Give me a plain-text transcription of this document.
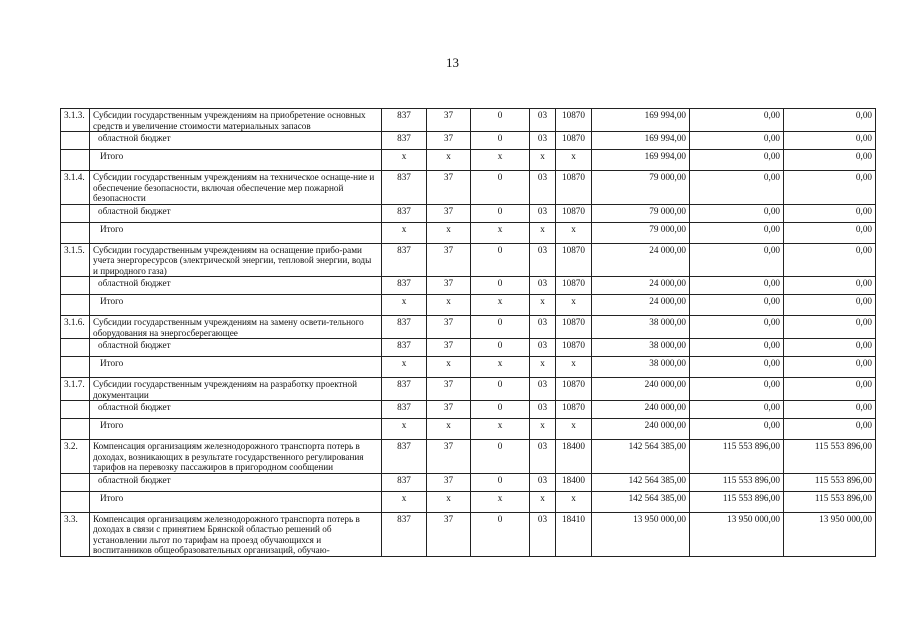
13
3.1.3.	Субсидии государственным учреждениям на приобретение основных средств и увеличение стоимости материальных запасов	837	37	0	03	10870	169 994,00	0,00	0,00
	областной бюджет	837	37	0	03	10870	169 994,00	0,00	0,00
	Итого	х	х	х	х	х	169 994,00	0,00	0,00
3.1.4.	Субсидии государственным учреждениям на техническое оснаще-ние и обеспечение безопасности, включая обеспечение мер пожарной безопасности	837	37	0	03	10870	79 000,00	0,00	0,00
	областной бюджет	837	37	0	03	10870	79 000,00	0,00	0,00
	Итого	х	х	х	х	х	79 000,00	0,00	0,00
3.1.5.	Субсидии государственным учреждениям на оснащение прибо-рами учета энергоресурсов (электрической энергии, тепловой энергии, воды и природного газа)	837	37	0	03	10870	24 000,00	0,00	0,00
	областной бюджет	837	37	0	03	10870	24 000,00	0,00	0,00
	Итого	х	х	х	х	х	24 000,00	0,00	0,00
3.1.6.	Субсидии государственным учреждениям на замену освети-тельного оборудования на энергосберегающее	837	37	0	03	10870	38 000,00	0,00	0,00
	областной бюджет	837	37	0	03	10870	38 000,00	0,00	0,00
	Итого	х	х	х	х	х	38 000,00	0,00	0,00
3.1.7.	Субсидии государственным учреждениям на разработку проектной документации	837	37	0	03	10870	240 000,00	0,00	0,00
	областной бюджет	837	37	0	03	10870	240 000,00	0,00	0,00
	Итого	х	х	х	х	х	240 000,00	0,00	0,00
3.2.	Компенсация организациям железнодорожного транспорта потерь в доходах, возникающих в результате государственного регулирования тарифов на перевозку пассажиров в пригородном сообщении	837	37	0	03	18400	142 564 385,00	115 553 896,00	115 553 896,00
	областной бюджет	837	37	0	03	18400	142 564 385,00	115 553 896,00	115 553 896,00
	Итого	х	х	х	х	х	142 564 385,00	115 553 896,00	115 553 896,00
3.3.	Компенсация организациям железнодорожного транспорта потерь в доходах в связи с принятием Брянской областью решений об установлении льгот по тарифам на проезд обучающихся и воспитанников общеобразовательных организаций, обучаю-	837	37	0	03	18410	13 950 000,00	13 950 000,00	13 950 000,00
